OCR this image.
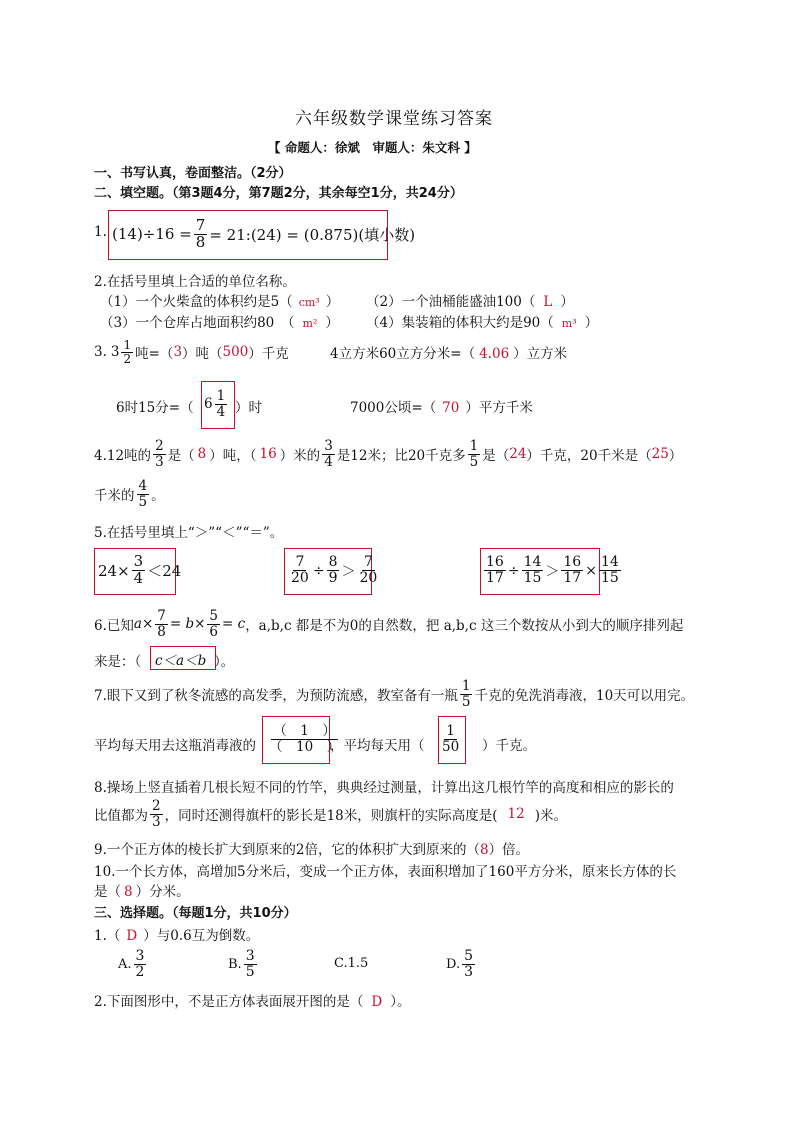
六年级数学课堂练习答案
【 命题人：徐斌　审题人：朱文科 】
一、书写认真，卷面整洁。（2分）
二、填空题。（第3题4分，第7题2分，其余每空1分，共24分）
1. $(14)\div 16 = \frac{7}{8}$ = 21:(24) = (0.875)(填小数)
2.在括号里填上合适的单位名称。
（1）一个火柴盒的体积约是5（ cm³ ） （2）一个油桶能盛油100（ L ）
（3）一个仓库占地面积约80　（ m² ） （4）集装箱的体积大约是90（ m³ ）
3. $3 \frac{1}{2}$ 吨=（ 3 ）吨（ 500 ）千克	4立方米60立方分米=（ 4.06 ）立方米
6时15分=（ $6 \frac{1}{4}$ ）时	7000公顷=（ 70 ）平方千米
4.12吨的 $\frac{2}{3}$ 是（ 8 ）吨，（ 16 ）米的 $\frac{3}{4}$ 是12米；比20千克多 $\frac{1}{5}$ 是（ 24 ）千克，20千米是（ 25 ）
千米的 $\frac{4}{5}$ 。
5.在括号里填上“＞”“＜”“＝”。
$24\times \frac{3}{4} <24$	$\frac{7}{20} \div \frac{8}{9} > \frac{7}{20}$	$\frac{16}{17} \div \frac{14}{15} > \frac{16}{17} \times \frac{14}{15}$
6.已知 $a\times \frac{7}{8} = b\times \frac{5}{6} = c$ ，a,b,c 都是不为0的自然数，把 a,b,c 这三个数按从小到大的顺序排列起
来是：（ c＜a＜b ）。
7.眼下又到了秋冬流感的高发季，为预防流感，教室备有一瓶 $\frac{1}{5}$ 千克的免洗消毒液，10天可以用完。
平均每天用去这瓶消毒液的 $\frac{( 1 )}{( 10 )}$
，平均每天用（ $\frac{1}{50}$ ）千克。
8.操场上竖直插着几根长短不同的竹竿，典典经过测量，计算出这几根竹竿的高度和相应的影长的
比值都为 $\frac{2}{3}$ ，同时还测得旗杆的影长是18米，则旗杆的实际高度是( 12 )米。
9.一个正方体的棱长扩大到原来的2倍，它的体积扩大到原来的（8）倍。
10.一个长方体，高增加5分米后，变成一个正方体，表面积增加了160平方分米，原来长方体的长
是（ 8 ）分米。
三、选择题。（每题1分，共10分）
1.（ D ）与0.6互为倒数。
A. $\frac{3}{2}$	B. $\frac{3}{5}$	C.1.5	D. $\frac{5}{3}$
2.下面图形中，不是正方体表面展开图的是（ D ）。
